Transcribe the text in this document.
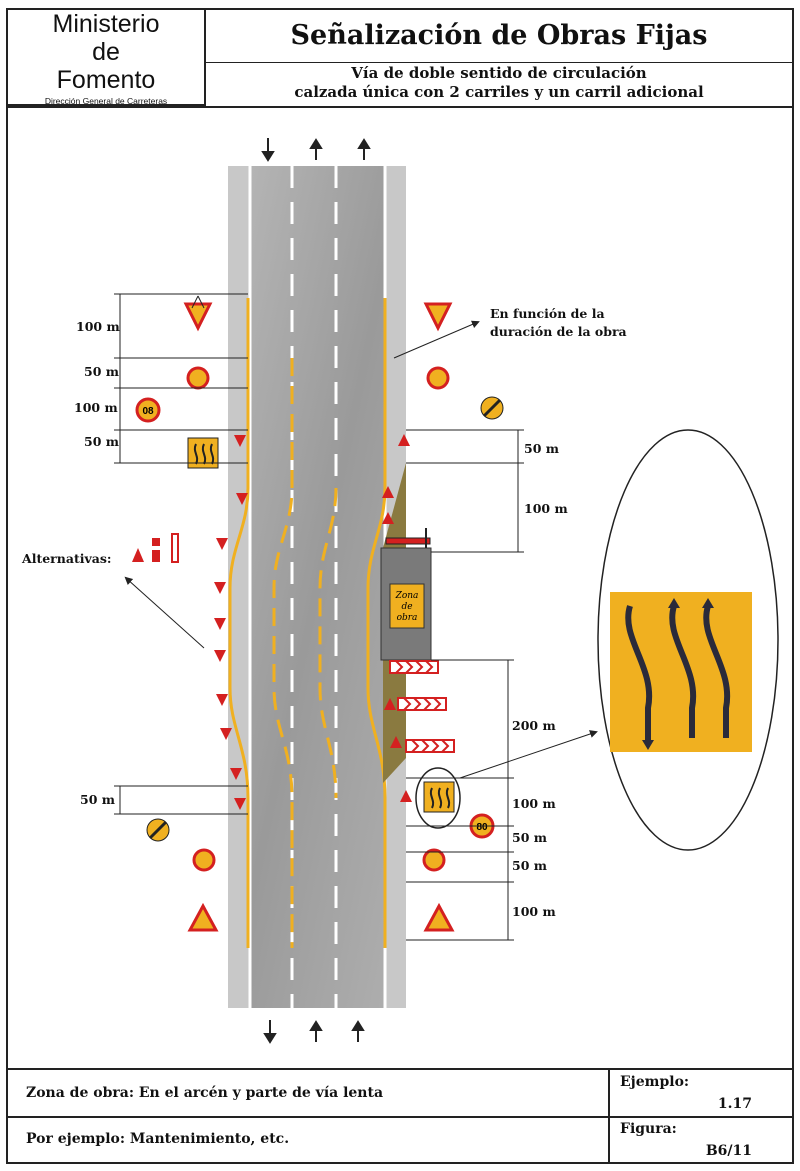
Ministerio
de
Fomento
Dirección General de Carreteras
Señalización de Obras Fijas
Vía de doble sentido de circulación
calzada única con 2 carriles y un carril adicional
Zona
de
obra
08
80
Alternativas:
En función de la
duración de la obra
100 m
50 m
100 m
50 m
50 m
50 m
100 m
200 m
100 m
50 m
50 m
100 m
Zona de obra: En el arcén y parte de vía lenta
Por ejemplo: Mantenimiento, etc.
Ejemplo:
1.17
Figura:
B6/11
